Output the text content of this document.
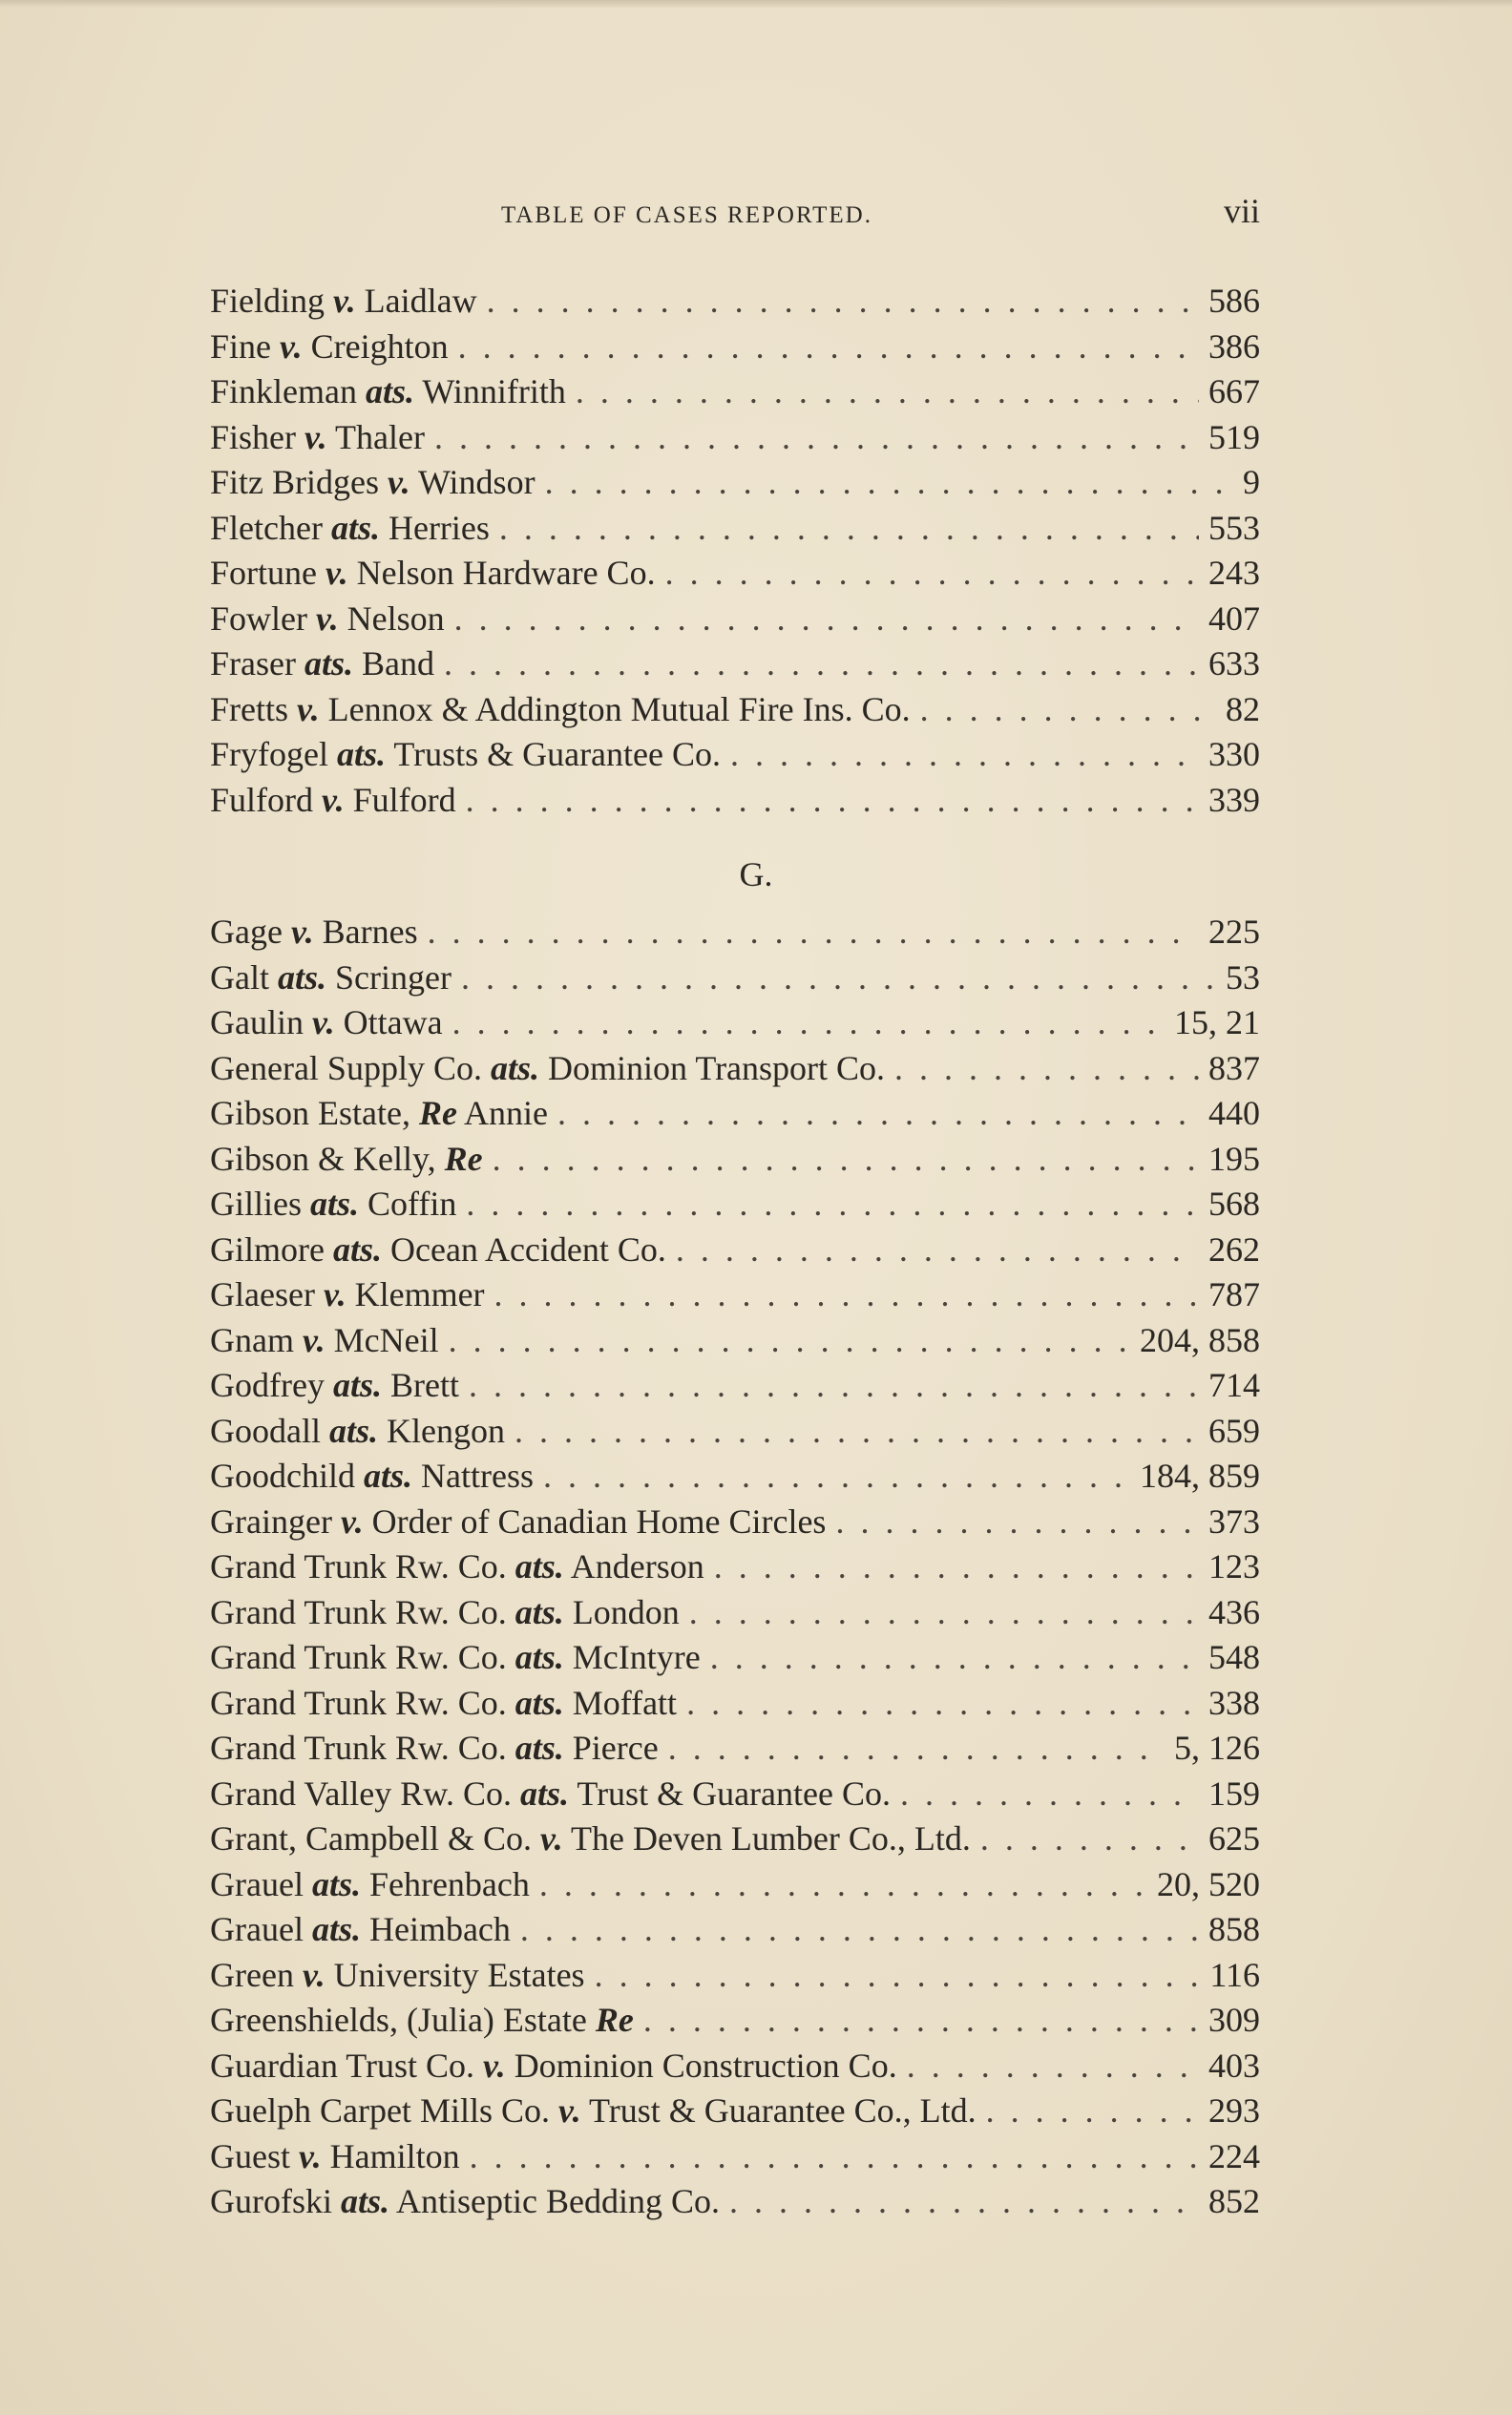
TABLE OF CASES REPORTED.	vii
Fielding v. Laidlaw . . .	586
Fine v. Creighton . . .	386
Finkleman ats. Winnifrith . . .	667
Fisher v. Thaler . . .	519
Fitz Bridges v. Windsor . . .	9
Fletcher ats. Herries . . .	553
Fortune v. Nelson Hardware Co. . . .	243
Fowler v. Nelson . . .	407
Fraser ats. Band . . .	633
Fretts v. Lennox & Addington Mutual Fire Ins. Co. . . .	82
Fryfogel ats. Trusts & Guarantee Co. . . .	330
Fulford v. Fulford . . .	339
G.
Gage v. Barnes . . .	225
Galt ats. Scringer . . .	53
Gaulin v. Ottawa . . .	15, 21
General Supply Co. ats. Dominion Transport Co. . . .	837
Gibson Estate, Re Annie . . .	440
Gibson & Kelly, Re . . .	195
Gillies ats. Coffin . . .	568
Gilmore ats. Ocean Accident Co. . . .	262
Glaeser v. Klemmer . . .	787
Gnam v. McNeil . . .	204, 858
Godfrey ats. Brett . . .	714
Goodall ats. Klengon . . .	659
Goodchild ats. Nattress . . .	184, 859
Grainger v. Order of Canadian Home Circles . . .	373
Grand Trunk Rw. Co. ats. Anderson . . .	123
Grand Trunk Rw. Co. ats. London . . .	436
Grand Trunk Rw. Co. ats. McIntyre . . .	548
Grand Trunk Rw. Co. ats. Moffatt . . .	338
Grand Trunk Rw. Co. ats. Pierce . . .	5, 126
Grand Valley Rw. Co. ats. Trust & Guarantee Co. . . .	159
Grant, Campbell & Co. v. The Deven Lumber Co., Ltd. . . .	625
Grauel ats. Fehrenbach . . .	20, 520
Grauel ats. Heimbach . . .	858
Green v. University Estates . . .	116
Greenshields, (Julia) Estate Re . . .	309
Guardian Trust Co. v. Dominion Construction Co. . . .	403
Guelph Carpet Mills Co. v. Trust & Guarantee Co., Ltd. . . .	293
Guest v. Hamilton . . .	224
Gurofski ats. Antiseptic Bedding Co. . . .	852
